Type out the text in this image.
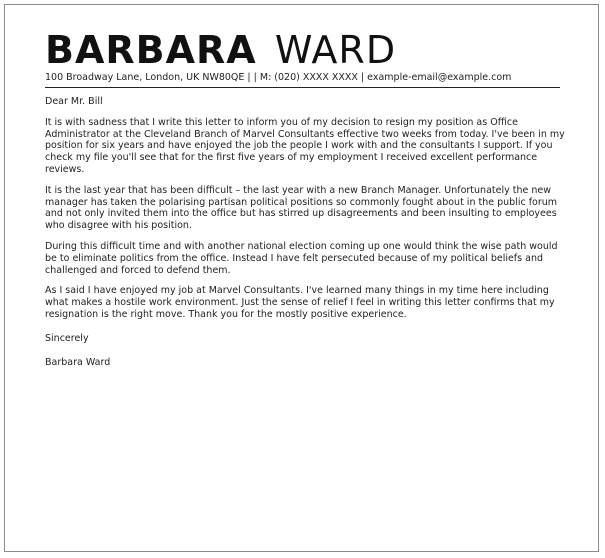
BARBARA WARD
100 Broadway Lane, London, UK NW80QE | | M: (020) XXXX XXXX | example-email@example.com

Dear Mr. Bill

It is with sadness that I write this letter to inform you of my decision to resign my position as Office Administrator at the Cleveland Branch of Marvel Consultants effective two weeks from today. I've been in my position for six years and have enjoyed the job the people I work with and the consultants I support. If you check my file you'll see that for the first five years of my employment I received excellent performance reviews.

It is the last year that has been difficult – the last year with a new Branch Manager. Unfortunately the new manager has taken the polarising partisan political positions so commonly fought about in the public forum and not only invited them into the office but has stirred up disagreements and been insulting to employees who disagree with his position.

During this difficult time and with another national election coming up one would think the wise path would be to eliminate politics from the office. Instead I have felt persecuted because of my political beliefs and challenged and forced to defend them.

As I said I have enjoyed my job at Marvel Consultants. I've learned many things in my time here including what makes a hostile work environment. Just the sense of relief I feel in writing this letter confirms that my resignation is the right move. Thank you for the mostly positive experience.

Sincerely

Barbara Ward
